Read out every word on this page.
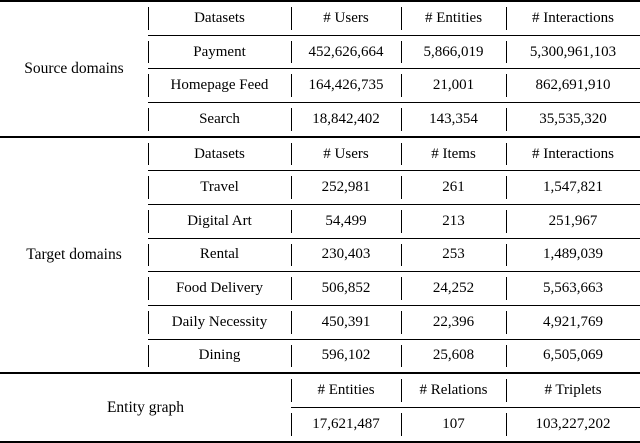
Source domains
Datasets	# Users	# Entities	# Interactions
Payment	452,626,664	5,866,019	5,300,961,103
Homepage Feed	164,426,735	21,001	862,691,910
Search	18,842,402	143,354	35,535,320
Target domains
Datasets	# Users	# Items	# Interactions
Travel	252,981	261	1,547,821
Digital Art	54,499	213	251,967
Rental	230,403	253	1,489,039
Food Delivery	506,852	24,252	5,563,663
Daily Necessity	450,391	22,396	4,921,769
Dining	596,102	25,608	6,505,069
Entity graph
# Entities	# Relations	# Triplets
17,621,487	107	103,227,202
